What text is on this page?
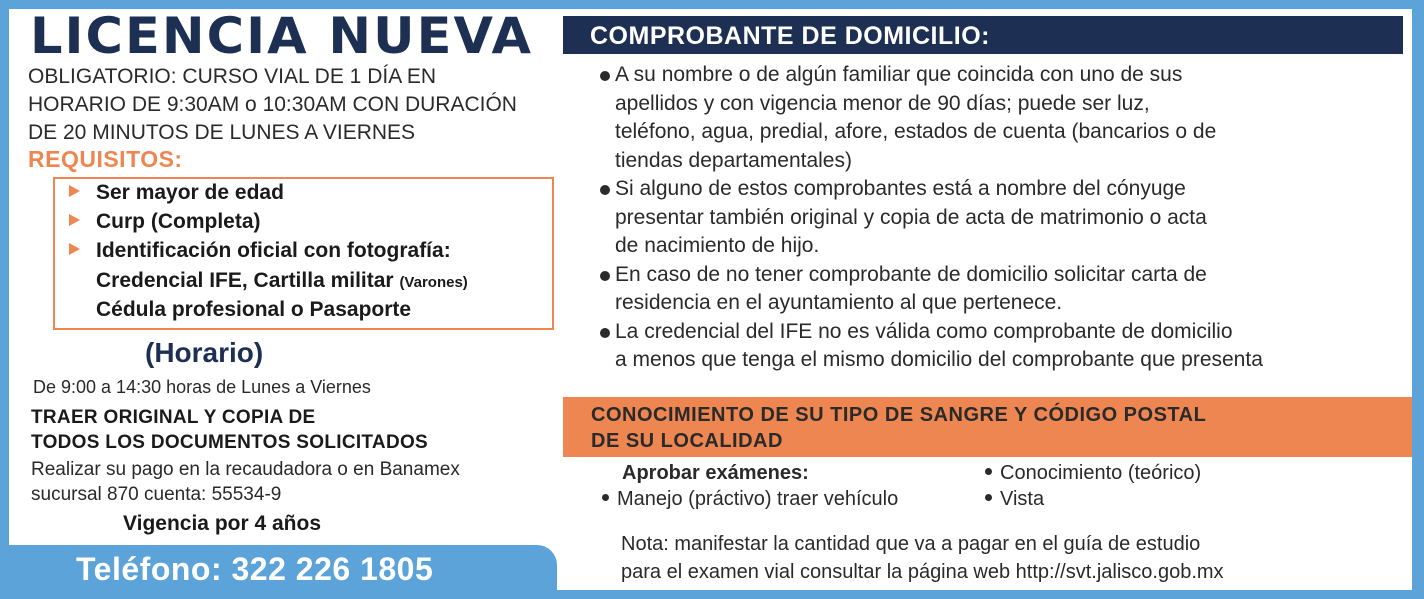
LICENCIA NUEVA
OBLIGATORIO: CURSO VIAL DE 1 DÍA EN
HORARIO DE 9:30AM o 10:30AM CON DURACIÓN
DE 20 MINUTOS DE LUNES A VIERNES
REQUISITOS:
Ser mayor de edad
Curp (Completa)
Identificación oficial con fotografía:
Credencial IFE, Cartilla militar (Varones)
Cédula profesional o Pasaporte
(Horario)
De 9:00 a 14:30 horas de Lunes a Viernes
TRAER ORIGINAL Y COPIA DE
TODOS LOS DOCUMENTOS SOLICITADOS
Realizar su pago en la recaudadora o en Banamex
sucursal 870 cuenta: 55534-9
Vigencia por 4 años
Teléfono: 322 226 1805
COMPROBANTE DE DOMICILIO:
A su nombre o de algún familiar que coincida con uno de sus
apellidos y con vigencia menor de 90 días; puede ser luz,
teléfono, agua, predial, afore, estados de cuenta (bancarios o de
tiendas departamentales)
Si alguno de estos comprobantes está a nombre del cónyuge
presentar también original y copia de acta de matrimonio o acta
de nacimiento de hijo.
En caso de no tener comprobante de domicilio solicitar carta de
residencia en el ayuntamiento al que pertenece.
La credencial del IFE no es válida como comprobante de domicilio
a menos que tenga el mismo domicilio del comprobante que presenta
CONOCIMIENTO DE SU TIPO DE SANGRE Y CÓDIGO POSTAL
DE SU LOCALIDAD
Aprobar exámenes:
Manejo (práctivo) traer vehículo
Conocimiento (teórico)
Vista
Nota: manifestar la cantidad que va a pagar en el guía de estudio
para el examen vial consultar la página web http://svt.jalisco.gob.mx
